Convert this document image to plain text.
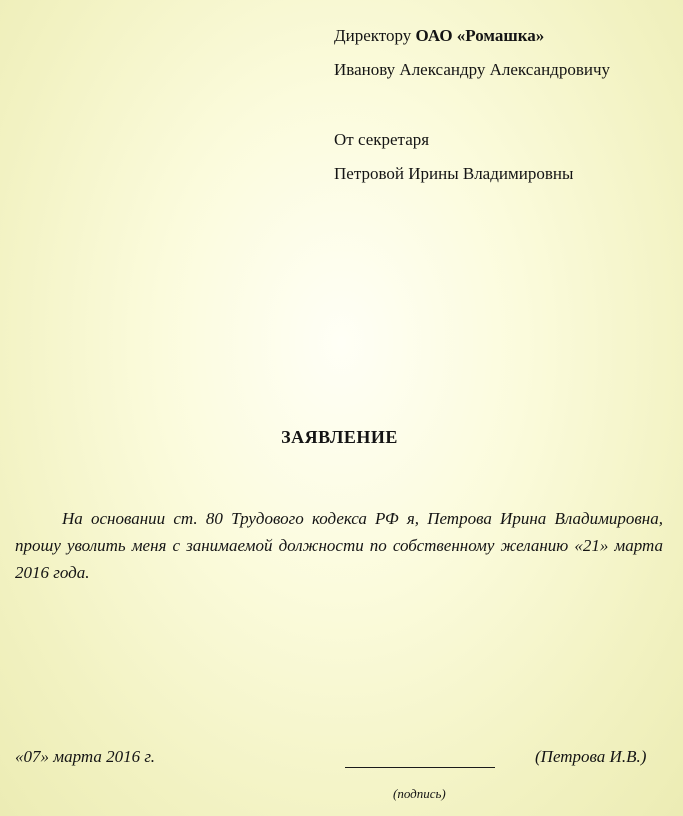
Директору ОАО «Ромашка»
Иванову Александру Александровичу
От секретаря
Петровой Ирины Владимировны
ЗАЯВЛЕНИЕ
На основании ст. 80 Трудового кодекса РФ я, Петрова Ирина Владимировна, прошу уволить меня с занимаемой должности по собственному желанию «21» марта 2016 года.
«07» марта 2016 г.	(Петрова И.В.)
(подпись)
